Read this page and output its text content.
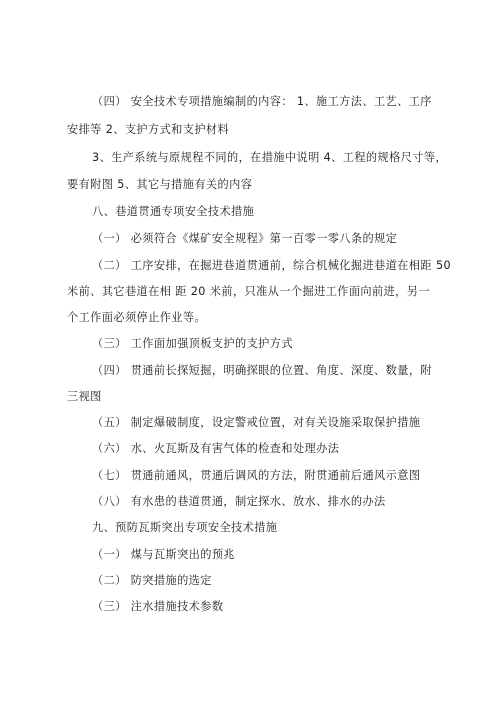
（四） 安全技术专项措施编制的内容： 1、施工方法、工艺、工序
安排等 2、支护方式和支护材料
3、生产系统与原规程不同的，在措施中说明 4、工程的规格尺寸等，
要有附图 5、其它与措施有关的内容
八、巷道贯通专项安全技术措施
（一） 必须符合《煤矿安全规程》第一百零一零八条的规定
（二） 工序安排，在掘进巷道贯通前，综合机械化掘进巷道在相距 50
米前、其它巷道在相 距 20 米前，只准从一个掘进工作面向前进，另一
个工作面必须停止作业等。
（三） 工作面加强顶板支护的支护方式
（四） 贯通前长探短掘，明确探眼的位置、角度、深度、数量，附
三视图
（五） 制定爆破制度，设定警戒位置，对有关设施采取保护措施
（六） 水、火瓦斯及有害气体的检查和处理办法
（七） 贯通前通风，贯通后调风的方法，附贯通前后通风示意图
（八） 有水患的巷道贯通，制定探水、放水、排水的办法
九、预防瓦斯突出专项安全技术措施
（一） 煤与瓦斯突出的预兆
（二） 防突措施的选定
（三） 注水措施技术参数
